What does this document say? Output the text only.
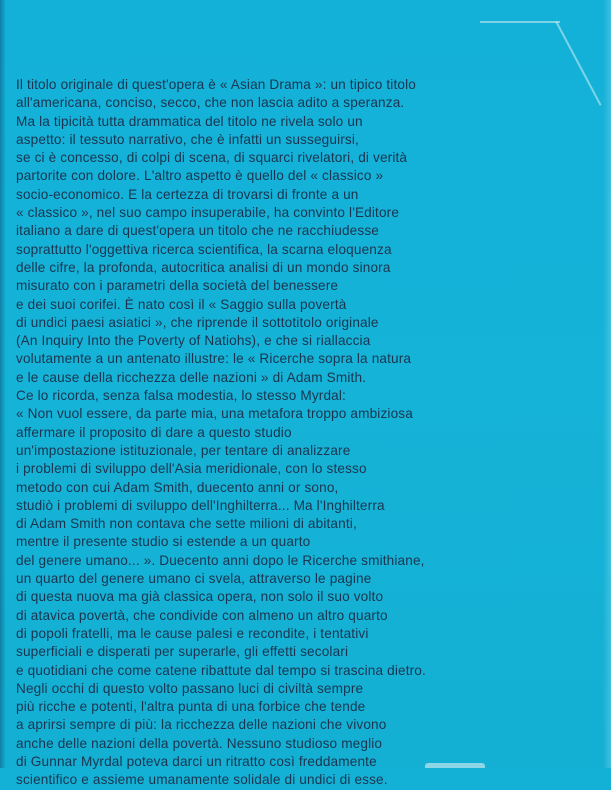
Il titolo originale di quest'opera è « Asian Drama »: un tipico titolo
all'americana, conciso, secco, che non lascia adito a speranza.
Ma la tipicità tutta drammatica del titolo ne rivela solo un
aspetto: il tessuto narrativo, che è infatti un susseguirsi,
se ci è concesso, di colpi di scena, di squarci rivelatori, di verità
partorite con dolore. L'altro aspetto è quello del « classico »
socio-economico. E la certezza di trovarsi di fronte a un
« classico », nel suo campo insuperabile, ha convinto l'Editore
italiano a dare di quest'opera un titolo che ne racchiudesse
soprattutto l'oggettiva ricerca scientifica, la scarna eloquenza
delle cifre, la profonda, autocritica analisi di un mondo sinora
misurato con i parametri della società del benessere
e dei suoi corifei. È nato così il « Saggio sulla povertà
di undici paesi asiatici », che riprende il sottotitolo originale
(An Inquiry Into the Poverty of Natiohs), e che si riallaccia
volutamente a un antenato illustre: le « Ricerche sopra la natura
e le cause della ricchezza delle nazioni » di Adam Smith.
Ce lo ricorda, senza falsa modestia, lo stesso Myrdal:
« Non vuol essere, da parte mia, una metafora troppo ambiziosa
affermare il proposito di dare a questo studio
un'impostazione istituzionale, per tentare di analizzare
i problemi di sviluppo dell'Asia meridionale, con lo stesso
metodo con cui Adam Smith, duecento anni or sono,
studiò i problemi di sviluppo dell'Inghilterra... Ma l'Inghilterra
di Adam Smith non contava che sette milioni di abitanti,
mentre il presente studio si estende a un quarto
del genere umano... ». Duecento anni dopo le Ricerche smithiane,
un quarto del genere umano ci svela, attraverso le pagine
di questa nuova ma già classica opera, non solo il suo volto
di atavica povertà, che condivide con almeno un altro quarto
di popoli fratelli, ma le cause palesi e recondite, i tentativi
superficiali e disperati per superarle, gli effetti secolari
e quotidiani che come catene ribattute dal tempo si trascina dietro.
Negli occhi di questo volto passano luci di civiltà sempre
più ricche e potenti, l'altra punta di una forbice che tende
a aprirsi sempre di più: la ricchezza delle nazioni che vivono
anche delle nazioni della povertà. Nessuno studioso meglio
di Gunnar Myrdal poteva darci un ritratto così freddamente
scientifico e assieme umanamente solidale di undici di esse.
